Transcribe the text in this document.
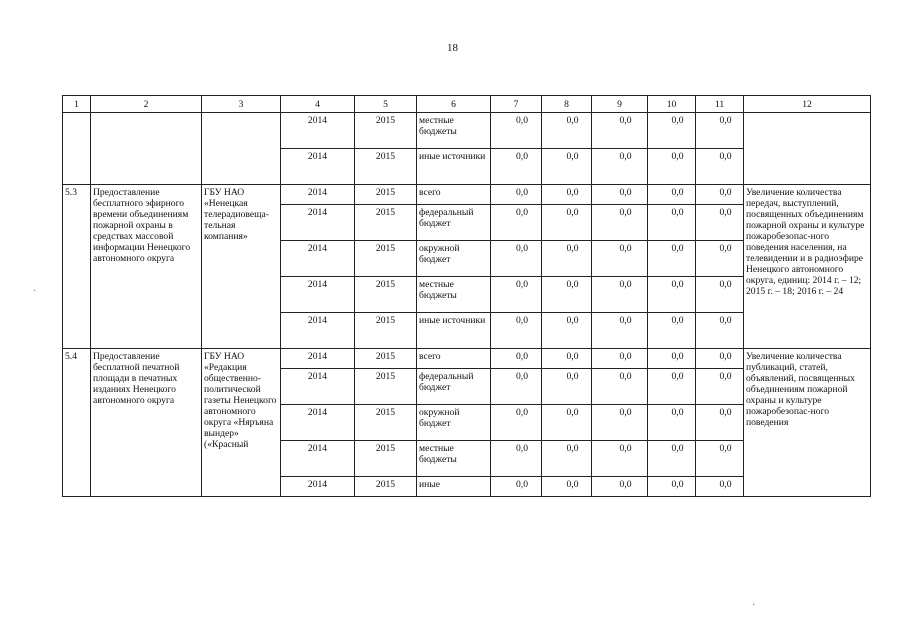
18
1	2	3	4	5	6	7	8	9	10	11	12
			2014	2015	местные бюджеты	0,0	0,0	0,0	0,0	0,0	
			2014	2015	иные источники	0,0	0,0	0,0	0,0	0,0	
5.3	Предоставление бесплатного эфирного времени объединениям пожарной охраны в средствах массовой информации Ненецкого автономного округа	ГБУ НАО «Ненецкая телерадиовеща-тельная компания»	2014	2015	всего	0,0	0,0	0,0	0,0	0,0	Увеличение количества передач, выступлений, посвященных объединениям пожарной охраны и культуре пожаробезопас-ного поведения населения, на телевидении и в радиоэфире Ненецкого автономного округа, единиц: 2014 г. – 12; 2015 г. – 18; 2016 г. – 24
			2014	2015	федеральный бюджет	0,0	0,0	0,0	0,0	0,0	
			2014	2015	окружной бюджет	0,0	0,0	0,0	0,0	0,0	
			2014	2015	местные бюджеты	0,0	0,0	0,0	0,0	0,0	
			2014	2015	иные источники	0,0	0,0	0,0	0,0	0,0	
5.4	Предоставление бесплатной печатной площади в печатных изданиях Ненецкого автономного округа	ГБУ НАО «Редакция общественно-политической газеты Ненецкого автономного округа «Няръяна вындер» («Красный	2014	2015	всего	0,0	0,0	0,0	0,0	0,0	Увеличение количества публикаций, статей, объявлений, посвященных объединениям пожарной охраны и культуре пожаробезопас-ного поведения
			2014	2015	федеральный бюджет	0,0	0,0	0,0	0,0	0,0	
			2014	2015	окружной бюджет	0,0	0,0	0,0	0,0	0,0	
			2014	2015	местные бюджеты	0,0	0,0	0,0	0,0	0,0	
			2014	2015	иные	0,0	0,0	0,0	0,0	0,0	
·
·
